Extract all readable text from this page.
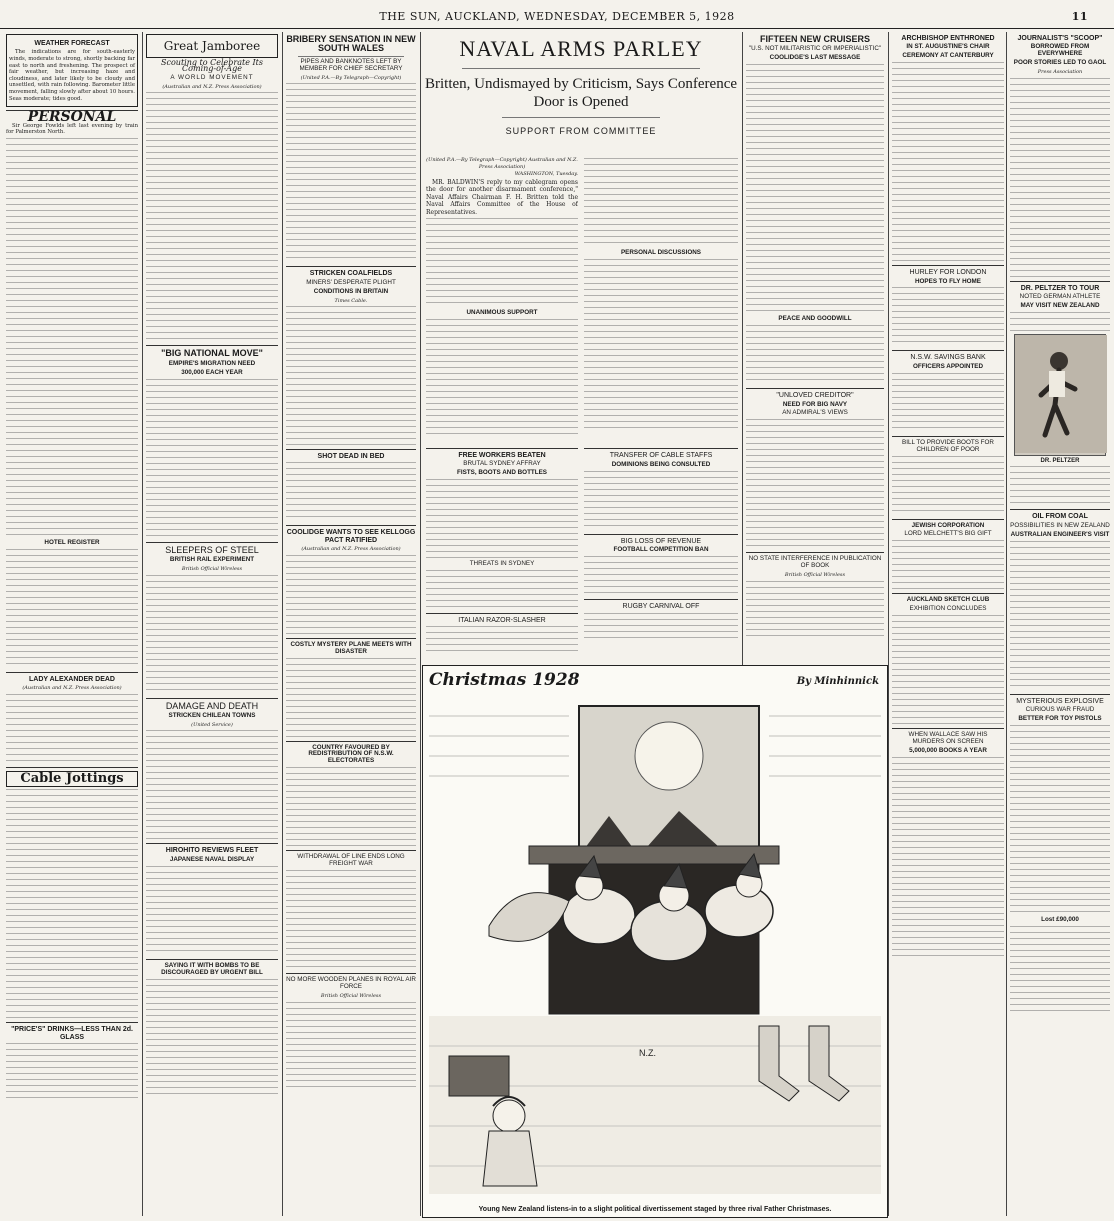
THE SUN, AUCKLAND, WEDNESDAY, DECEMBER 5, 1928	11
WEATHER FORECAST
The indications are for south-easterly winds, moderate to strong, shortly backing far east to north and freshening. The prospect of fair weather, but increasing haze and cloudiness, and later likely to be cloudy and unsettled, with rain following. Barometer little movement, falling slowly after about 10 hours. Seas moderate; tides good.
PERSONAL
Sir George Fowlds left last evening by train for Palmerston North.
HOTEL REGISTER
LADY ALEXANDER DEAD
(Australian and N.Z. Press Association)
Cable Jottings
"PRICE'S" DRINKS—LESS THAN 2d. GLASS
Great Jamboree
Scouting to Celebrate Its Coming-of-Age
A WORLD MOVEMENT
(Australian and N.Z. Press Association)
"BIG NATIONAL MOVE"
EMPIRE'S MIGRATION NEED
300,000 EACH YEAR
SLEEPERS OF STEEL
BRITISH RAIL EXPERIMENT
British Official Wireless
DAMAGE AND DEATH
STRICKEN CHILEAN TOWNS
(United Service)
HIROHITO REVIEWS FLEET
JAPANESE NAVAL DISPLAY
SAYING IT WITH BOMBS TO BE DISCOURAGED BY URGENT BILL
BRIBERY SENSATION IN NEW SOUTH WALES
PIPES AND BANKNOTES LEFT BY MEMBER FOR CHIEF SECRETARY
(United P.A.—By Telegraph—Copyright)
STRICKEN COALFIELDS
MINERS' DESPERATE PLIGHT
CONDITIONS IN BRITAIN
Times Cable.
SHOT DEAD IN BED
COOLIDGE WANTS TO SEE KELLOGG PACT RATIFIED
(Australian and N.Z. Press Association)
COSTLY MYSTERY PLANE MEETS WITH DISASTER
COUNTRY FAVOURED BY REDISTRIBUTION OF N.S.W. ELECTORATES
WITHDRAWAL OF LINE ENDS LONG FREIGHT WAR
NO MORE WOODEN PLANES IN ROYAL AIR FORCE
British Official Wireless
NAVAL ARMS PARLEY
Britten, Undismayed by Criticism, Says Conference Door is Opened
SUPPORT FROM COMMITTEE
(United P.A.—By Telegraph—Copyright) Australian and N.Z. Press Association)
WASHINGTON, Tuesday.
MR. BALDWIN'S reply to my cablegram opens the door for another disarmament conference," Naval Affairs Chairman F. H. Britten told the Naval Affairs Committee of the House of Representatives.
UNANIMOUS SUPPORT
PERSONAL DISCUSSIONS
FREE WORKERS BEATEN
BRUTAL SYDNEY AFFRAY
FISTS, BOOTS AND BOTTLES
THREATS IN SYDNEY
ITALIAN RAZOR-SLASHER
TRANSFER OF CABLE STAFFS
DOMINIONS BEING CONSULTED
BIG LOSS OF REVENUE
FOOTBALL COMPETITION BAN
RUGBY CARNIVAL OFF
FIFTEEN NEW CRUISERS
"U.S. NOT MILITARISTIC OR IMPERIALISTIC"
COOLIDGE'S LAST MESSAGE
PEACE AND GOODWILL
"UNLOVED CREDITOR"
NEED FOR BIG NAVY
AN ADMIRAL'S VIEWS
NO STATE INTERFERENCE IN PUBLICATION OF BOOK
British Official Wireless
ARCHBISHOP ENTHRONED
IN ST. AUGUSTINE'S CHAIR
CEREMONY AT CANTERBURY
HURLEY FOR LONDON
HOPES TO FLY HOME
N.S.W. SAVINGS BANK
OFFICERS APPOINTED
BILL TO PROVIDE BOOTS FOR CHILDREN OF POOR
JEWISH CORPORATION
LORD MELCHETT'S BIG GIFT
AUCKLAND SKETCH CLUB
EXHIBITION CONCLUDES
WHEN WALLACE SAW HIS MURDERS ON SCREEN
5,000,000 BOOKS A YEAR
JOURNALIST'S "SCOOP"
BORROWED FROM EVERYWHERE
POOR STORIES LED TO GAOL
Press Association
DR. PELTZER TO TOUR
NOTED GERMAN ATHLETE
MAY VISIT NEW ZEALAND
DR. PELTZER
OIL FROM COAL
POSSIBILITIES IN NEW ZEALAND
AUSTRALIAN ENGINEER'S VISIT
MYSTERIOUS EXPLOSIVE
CURIOUS WAR FRAUD
BETTER FOR TOY PISTOLS
Lost £90,000
Christmas 1928	By Minhinnick
N.Z.
Young New Zealand listens-in to a slight political divertissement staged by three rival Father Christmases.
